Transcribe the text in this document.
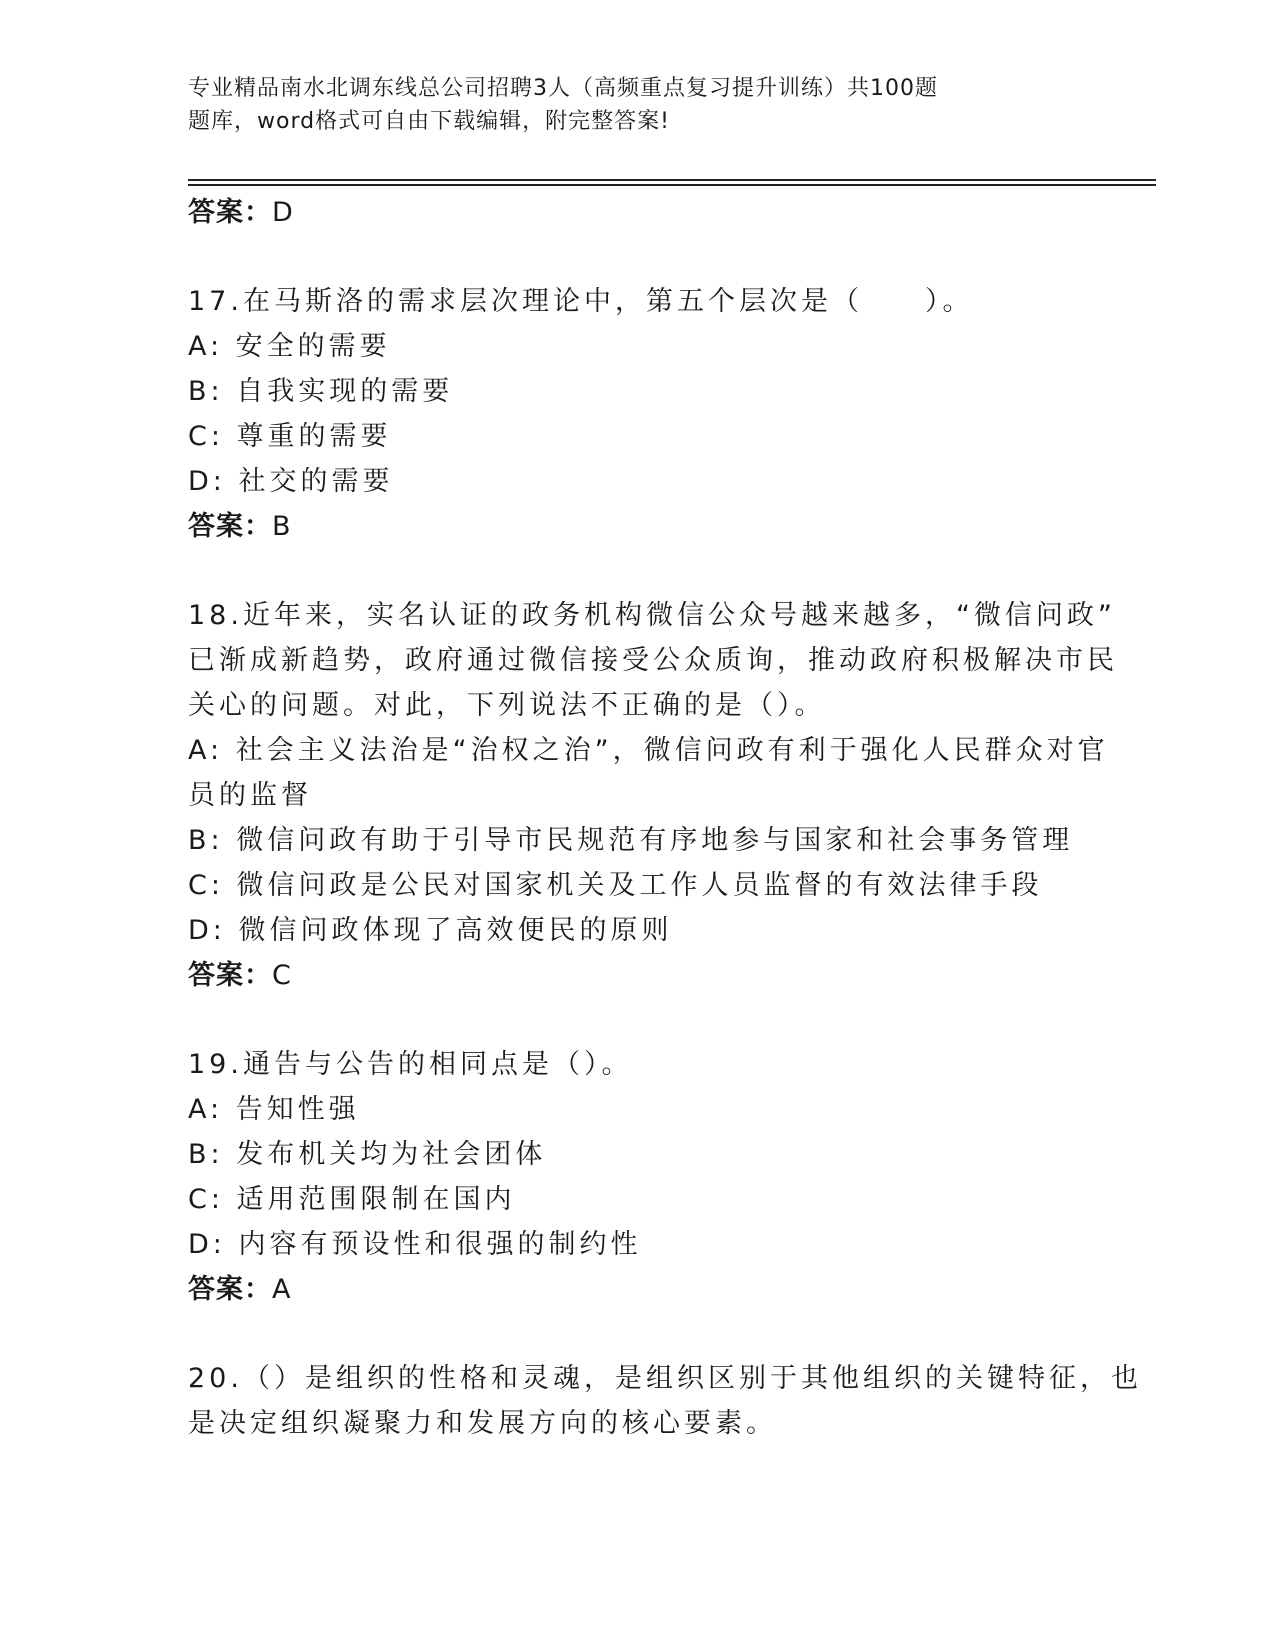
专业精品南水北调东线总公司招聘3人（高频重点复习提升训练）共100题
题库，word格式可自由下载编辑，附完整答案!
答案：D
17.在马斯洛的需求层次理论中，第五个层次是（　　）。
A: 安全的需要
B: 自我实现的需要
C: 尊重的需要
D: 社交的需要
答案：B
18.近年来，实名认证的政务机构微信公众号越来越多，“微信问政”
已渐成新趋势，政府通过微信接受公众质询，推动政府积极解决市民
关心的问题。对此，下列说法不正确的是（）。
A: 社会主义法治是“治权之治”，微信问政有利于强化人民群众对官
员的监督
B: 微信问政有助于引导市民规范有序地参与国家和社会事务管理
C: 微信问政是公民对国家机关及工作人员监督的有效法律手段
D: 微信问政体现了高效便民的原则
答案：C
19.通告与公告的相同点是（）。
A: 告知性强
B: 发布机关均为社会团体
C: 适用范围限制在国内
D: 内容有预设性和很强的制约性
答案：A
20.（）是组织的性格和灵魂，是组织区别于其他组织的关键特征，也
是决定组织凝聚力和发展方向的核心要素。
